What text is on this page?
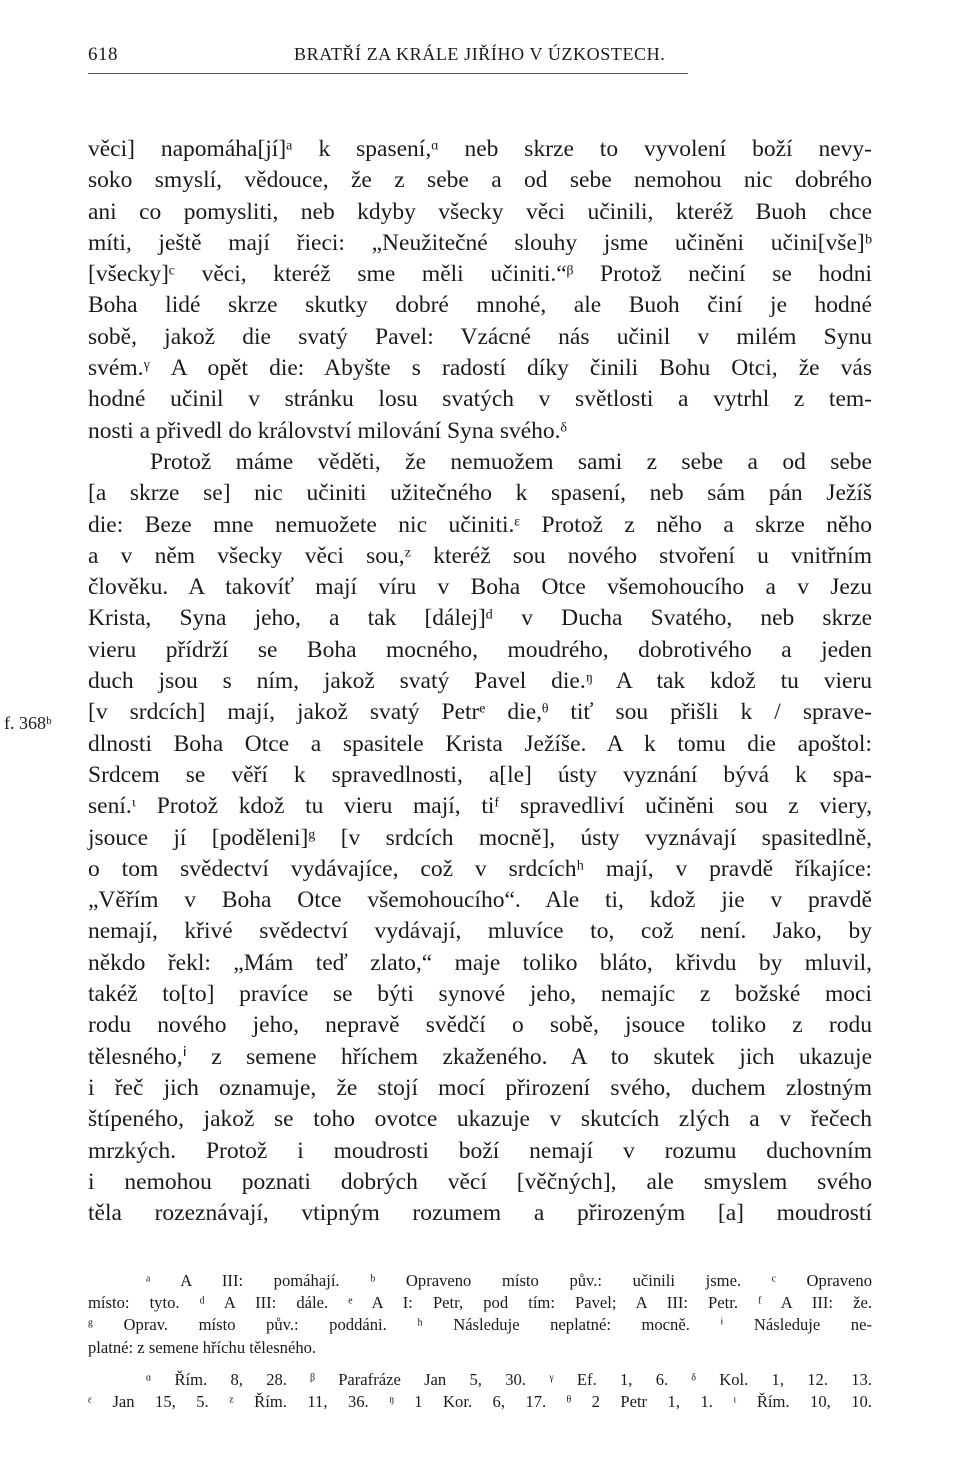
618	BRATŘÍ ZA KRÁLE JIŘÍHO V ÚZKOSTECH.
f. 368ᵇ
věci] napomáha[jí]ᵃ k spasení,ᵅ neb skrze to vyvolení boží nevy-
soko smyslí, vědouce, že z sebe a od sebe nemohou nic dobrého
ani co pomysliti, neb kdyby všecky věci učinili, kteréž Buoh chce
míti, ještě mají řieci: „Neužitečné slouhy jsme učiněni učini[vše]ᵇ
[všecky]ᶜ věci, kteréž sme měli učiniti.“ᵝ Protož nečiní se hodni
Boha lidé skrze skutky dobré mnohé, ale Buoh činí je hodné
sobě, jakož die svatý Pavel: Vzácné nás učinil v milém Synu
svém.ᵞ A opět die: Abyšte s radostí díky činili Bohu Otci, že vás
hodné učinil v stránku losu svatých v světlosti a vytrhl z tem-
nosti a přivedl do království milování Syna svého.ᵟ
Protož máme věděti, že nemuožem sami z sebe a od sebe
[a skrze se] nic učiniti užitečného k spasení, neb sám pán Ježíš
die: Beze mne nemuožete nic učiniti.ᵋ Protož z něho a skrze něho
a v něm všecky věci sou,ᶻ kteréž sou nového stvoření u vnitřním
člověku. A takovíť mají víru v Boha Otce všemohoucího a v Jezu
Krista, Syna jeho, a tak [dálej]ᵈ v Ducha Svatého, neb skrze
vieru přídrží se Boha mocného, moudrého, dobrotivého a jeden
duch jsou s ním, jakož svatý Pavel die.ᵑ A tak kdož tu vieru
[v srdcích] mají, jakož svatý Petrᵉ die,ᶿ tiť sou přišli k / sprave-
dlnosti Boha Otce a spasitele Krista Ježíše. A k tomu die apoštol:
Srdcem se věří k spravedlnosti, a[le] ústy vyznání bývá k spa-
sení.ᶥ Protož kdož tu vieru mají, tiᶠ spravedliví učiněni sou z viery,
jsouce jí [poděleni]ᵍ [v srdcích mocně], ústy vyznávají spasitedlně,
o tom svědectví vydávajíce, což v srdcíchʰ mají, v pravdě říkajíce:
„Věřím v Boha Otce všemohoucího“. Ale ti, kdož jie v pravdě
nemají, křivé svědectví vydávají, mluvíce to, což není. Jako, by
někdo řekl: „Mám teď zlato,“ maje toliko bláto, křivdu by mluvil,
takéž to[to] pravíce se býti synové jeho, nemajíc z božské moci
rodu nového jeho, nepravě svědčí o sobě, jsouce toliko z rodu
tělesného,ⁱ z semene hříchem zkaženého. A to skutek jich ukazuje
i řeč jich oznamuje, že stojí mocí přirození svého, duchem zlostným
štípeného, jakož se toho ovotce ukazuje v skutcích zlých a v řečech
mrzkých. Protož i moudrosti boží nemají v rozumu duchovním
i nemohou poznati dobrých věcí [věčných], ale smyslem svého
těla rozeznávají, vtipným rozumem a přirozeným [a] moudrostí
ᵃ A III: pomáhají. ᵇ Opraveno místo pův.: učinili jsme. ᶜ Opraveno
místo: tyto. ᵈ A III: dále. ᵉ A I: Petr, pod tím: Pavel; A III: Petr. ᶠ A III: že.
ᵍ Oprav. místo pův.: poddáni. ʰ Následuje neplatné: mocně. ⁱ Následuje ne-
platné: z semene hříchu tělesného.
ᵅ Řím. 8, 28. ᵝ Parafráze Jan 5, 30. ᵞ Ef. 1, 6. ᵟ Kol. 1, 12. 13.
ᵋ Jan 15, 5. ᶻ Řím. 11, 36. ᵑ 1 Kor. 6, 17. ᶿ 2 Petr 1, 1. ᶥ Řím. 10, 10.
